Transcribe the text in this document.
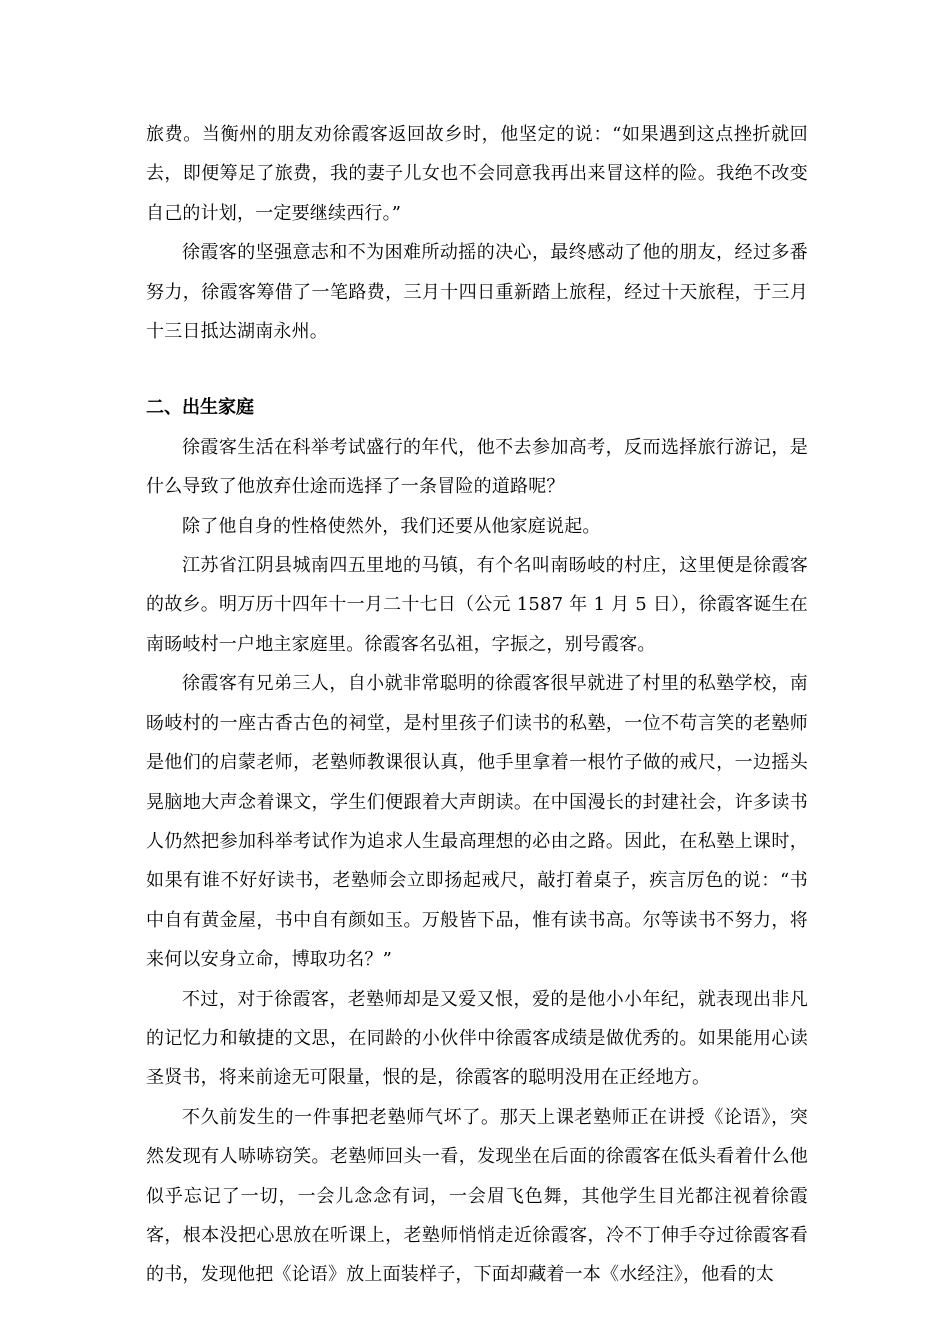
旅费。当衡州的朋友劝徐霞客返回故乡时，他坚定的说：“如果遇到这点挫折就回去，即便筹足了旅费，我的妻子儿女也不会同意我再出来冒这样的险。我绝不改变自己的计划，一定要继续西行。”

徐霞客的坚强意志和不为困难所动摇的决心，最终感动了他的朋友，经过多番努力，徐霞客筹借了一笔路费，三月十四日重新踏上旅程，经过十天旅程，于三月十三日抵达湖南永州。

二、出生家庭

徐霞客生活在科举考试盛行的年代，他不去参加高考，反而选择旅行游记，是什么导致了他放弃仕途而选择了一条冒险的道路呢？

除了他自身的性格使然外，我们还要从他家庭说起。

江苏省江阴县城南四五里地的马镇，有个名叫南旸岐的村庄，这里便是徐霞客的故乡。明万历十四年十一月二十七日（公元 1587 年 1 月 5 日），徐霞客诞生在南旸岐村一户地主家庭里。徐霞客名弘祖，字振之，别号霞客。

徐霞客有兄弟三人，自小就非常聪明的徐霞客很早就进了村里的私塾学校，南旸岐村的一座古香古色的祠堂，是村里孩子们读书的私塾，一位不苟言笑的老塾师是他们的启蒙老师，老塾师教课很认真，他手里拿着一根竹子做的戒尺，一边摇头晃脑地大声念着课文，学生们便跟着大声朗读。在中国漫长的封建社会，许多读书人仍然把参加科举考试作为追求人生最高理想的必由之路。因此，在私塾上课时，如果有谁不好好读书，老塾师会立即扬起戒尺，敲打着桌子，疾言厉色的说：“书中自有黄金屋，书中自有颜如玉。万般皆下品，惟有读书高。尔等读书不努力，将来何以安身立命，博取功名？”

不过，对于徐霞客，老塾师却是又爱又恨，爱的是他小小年纪，就表现出非凡的记忆力和敏捷的文思，在同龄的小伙伴中徐霞客成绩是做优秀的。如果能用心读圣贤书，将来前途无可限量，恨的是，徐霞客的聪明没用在正经地方。

不久前发生的一件事把老塾师气坏了。那天上课老塾师正在讲授《论语》，突然发现有人哧哧窃笑。老塾师回头一看，发现坐在后面的徐霞客在低头看着什么他似乎忘记了一切，一会儿念念有词，一会眉飞色舞，其他学生目光都注视着徐霞客，根本没把心思放在听课上，老塾师悄悄走近徐霞客，冷不丁伸手夺过徐霞客看的书，发现他把《论语》放上面装样子，下面却藏着一本《水经注》，他看的太
